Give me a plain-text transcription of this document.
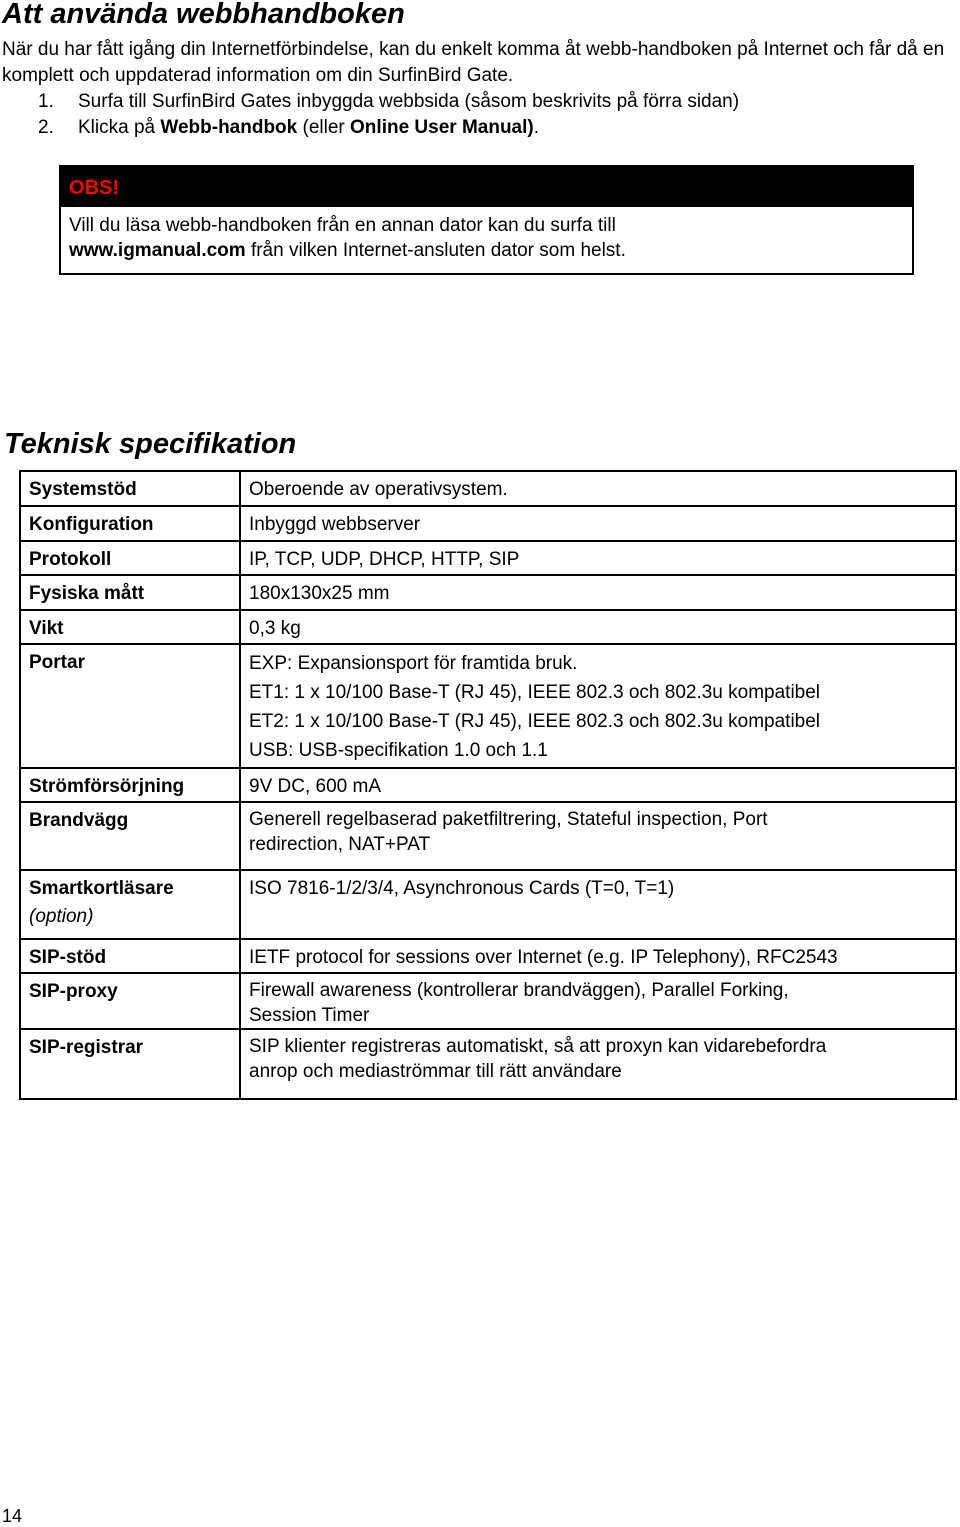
Att använda webbhandboken

När du har fått igång din Internetförbindelse, kan du enkelt komma åt webb-handboken på Internet och får då en komplett och uppdaterad information om din SurfinBird Gate.

1. Surfa till SurfinBird Gates inbyggda webbsida (såsom beskrivits på förra sidan)
2. Klicka på Webb-handbok (eller Online User Manual).
OBS!
Vill du läsa webb-handboken från en annan dator kan du surfa till
www.igmanual.com från vilken Internet-ansluten dator som helst.
Teknisk specifikation
Systemstöd	Oberoende av operativsystem.
Konfiguration	Inbyggd webbserver
Protokoll	IP, TCP, UDP, DHCP, HTTP, SIP
Fysiska mått	180x130x25 mm
Vikt	0,3 kg
Portar	EXP: Expansionsport för framtida bruk.
ET1: 1 x 10/100 Base-T (RJ 45), IEEE 802.3 och 802.3u kompatibel
ET2: 1 x 10/100 Base-T (RJ 45), IEEE 802.3 och 802.3u kompatibel
USB: USB-specifikation 1.0 och 1.1

Strömförsörjning	9V DC, 600 mA
Brandvägg	Generell regelbaserad paketfiltrering, Stateful inspection, Port
redirection, NAT+PAT

Smartkortläsare
(option)	ISO 7816-1/2/3/4, Asynchronous Cards (T=0, T=1)
SIP-stöd	IETF protocol for sessions over Internet (e.g. IP Telephony), RFC2543
SIP-proxy	Firewall awareness (kontrollerar brandväggen), Parallel Forking,
Session Timer

SIP-registrar	SIP klienter registreras automatiskt, så att proxyn kan vidarebefordra
anrop och mediaströmmar till rätt användare
14
